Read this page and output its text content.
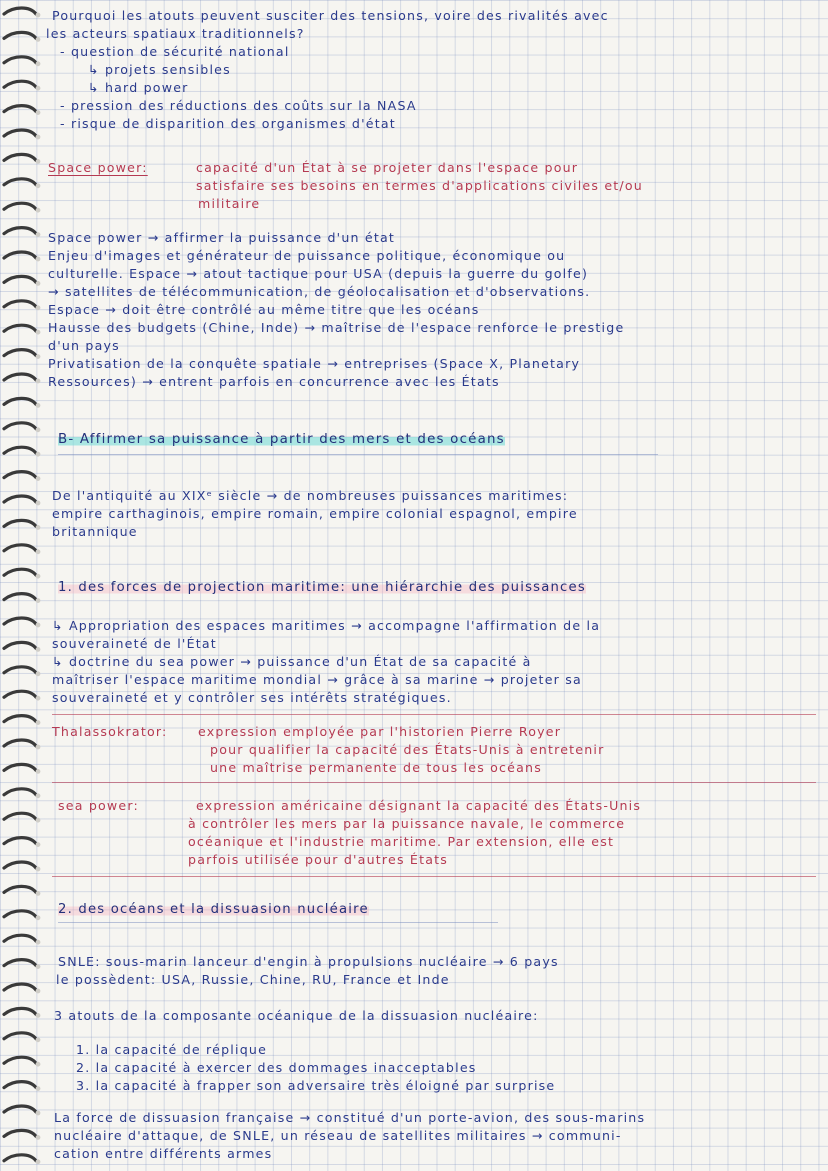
Pourquoi les atouts peuvent susciter des tensions, voire des rivalités avec
les acteurs spatiaux traditionnels?
- question de sécurité national
↳ projets sensibles
↳ hard power
- pression des réductions des coûts sur la NASA
- risque de disparition des organismes d'état
Space power:	capacité d'un État à se projeter dans l'espace pour
satisfaire ses besoins en termes d'applications civiles et/ou
militaire
Space power → affirmer la puissance d'un état
Enjeu d'images et générateur de puissance politique, économique ou
culturelle. Espace → atout tactique pour USA (depuis la guerre du golfe)
→ satellites de télécommunication, de géolocalisation et d'observations.
Espace → doit être contrôlé au même titre que les océans
Hausse des budgets (Chine, Inde) → maîtrise de l'espace renforce le prestige
d'un pays
Privatisation de la conquête spatiale → entreprises (Space X, Planetary
Ressources) → entrent parfois en concurrence avec les États
B- Affirmer sa puissance à partir des mers et des océans
De l'antiquité au XIXᵉ siècle → de nombreuses puissances maritimes:
empire carthaginois, empire romain, empire colonial espagnol, empire
britannique
1. des forces de projection maritime: une hiérarchie des puissances
↳ Appropriation des espaces maritimes → accompagne l'affirmation de la
souveraineté de l'État
↳ doctrine du sea power → puissance d'un État de sa capacité à
maîtriser l'espace maritime mondial → grâce à sa marine → projeter sa
souveraineté et y contrôler ses intérêts stratégiques.
Thalassokrator: expression employée par l'historien Pierre Royer
pour qualifier la capacité des États-Unis à entretenir
une maîtrise permanente de tous les océans
sea power:	expression américaine désignant la capacité des États-Unis
à contrôler les mers par la puissance navale, le commerce
océanique et l'industrie maritime. Par extension, elle est
parfois utilisée pour d'autres États
2. des océans et la dissuasion nucléaire
SNLE: sous-marin lanceur d'engin à propulsions nucléaire → 6 pays
le possèdent: USA, Russie, Chine, RU, France et Inde
3 atouts de la composante océanique de la dissuasion nucléaire:
1. la capacité de réplique
2. la capacité à exercer des dommages inacceptables
3. la capacité à frapper son adversaire très éloigné par surprise
La force de dissuasion française → constitué d'un porte-avion, des sous-marins
nucléaire d'attaque, de SNLE, un réseau de satellites militaires → communi-
cation entre différents armes
